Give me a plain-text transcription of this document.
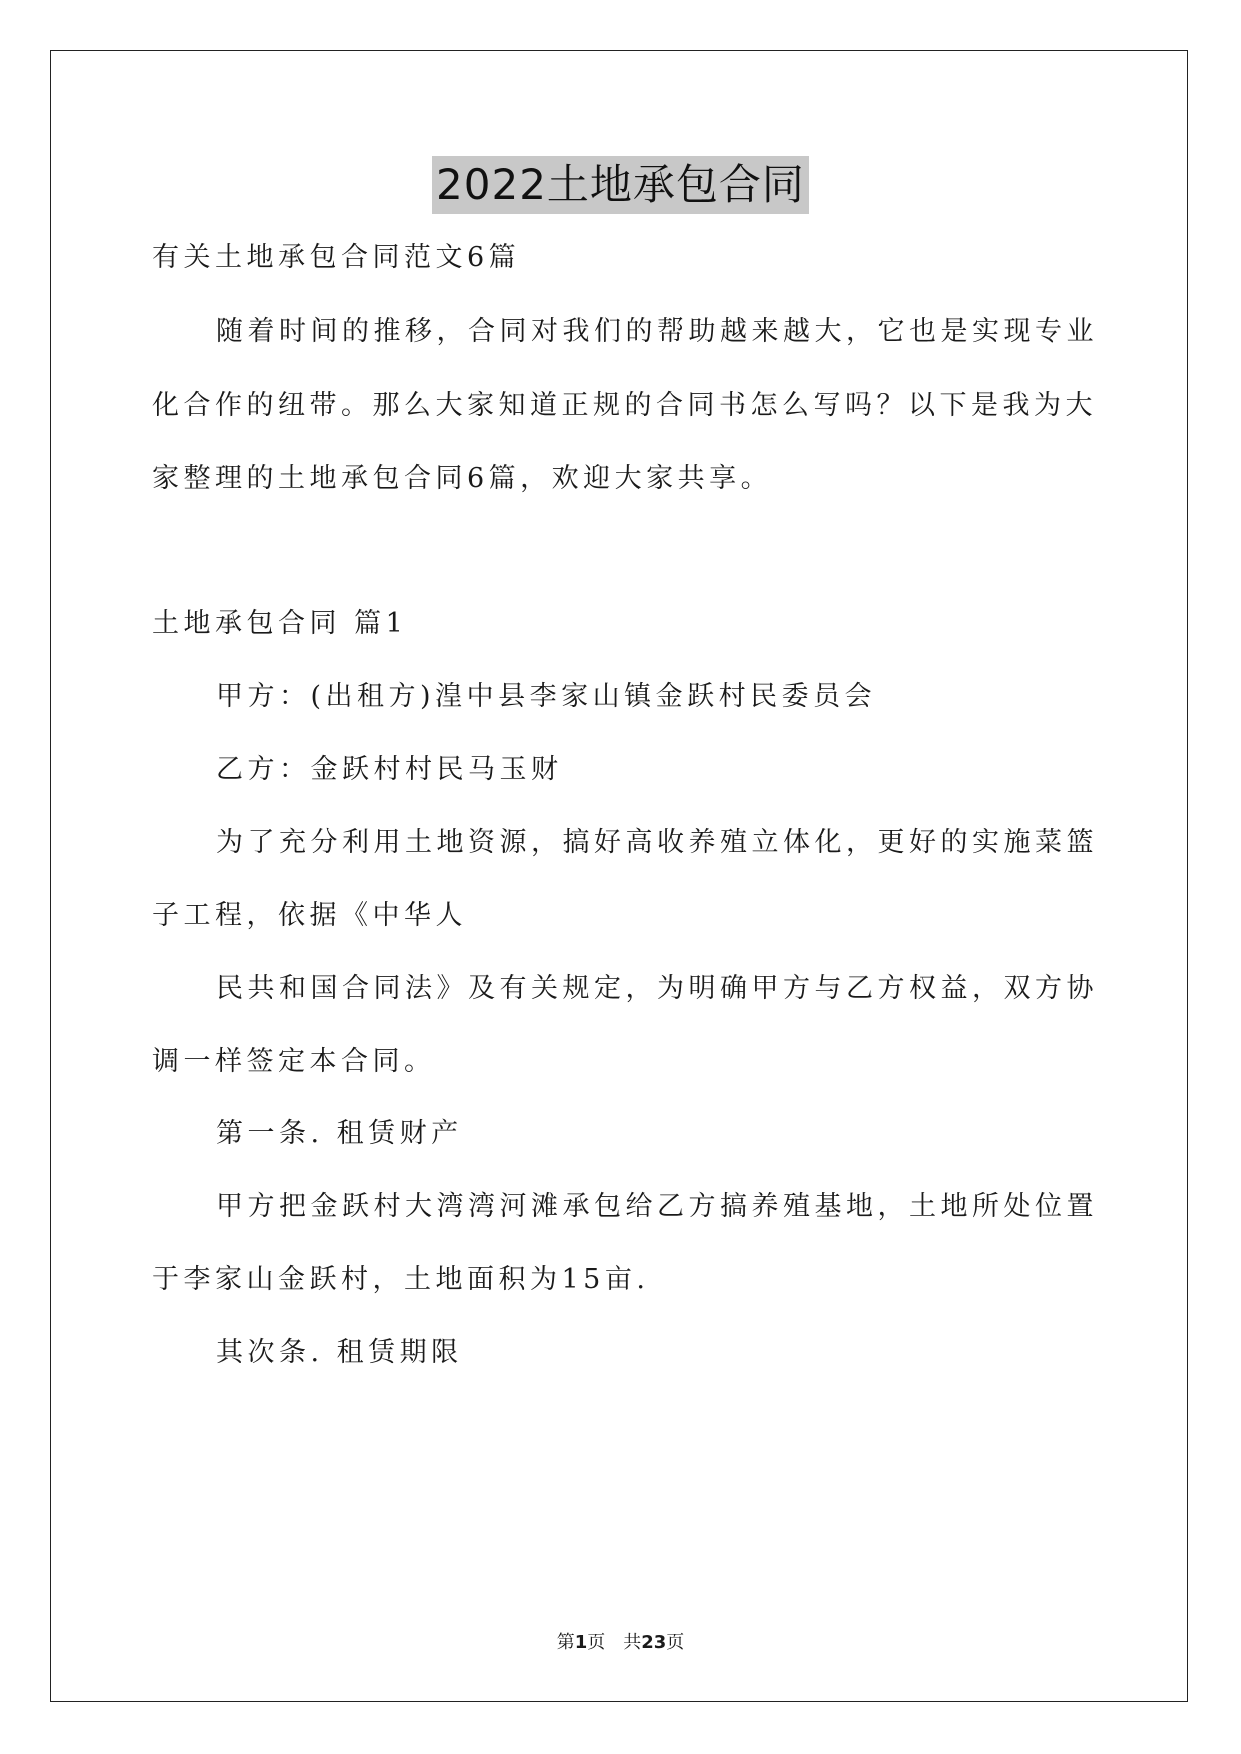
2022土地承包合同
有关土地承包合同范文6篇
随着时间的推移，合同对我们的帮助越来越大，它也是实现专业
化合作的纽带。那么大家知道正规的合同书怎么写吗？以下是我为大
家整理的土地承包合同6篇，欢迎大家共享。
土地承包合同 篇1
甲方：(出租方)湟中县李家山镇金跃村民委员会
乙方：金跃村村民马玉财
为了充分利用土地资源，搞好高收养殖立体化，更好的实施菜篮
子工程，依据《中华人
民共和国合同法》及有关规定，为明确甲方与乙方权益，双方协
调一样签定本合同。
第一条. 租赁财产
甲方把金跃村大湾湾河滩承包给乙方搞养殖基地，土地所处位置
于李家山金跃村，土地面积为15亩.
其次条. 租赁期限
第1页　共23页
